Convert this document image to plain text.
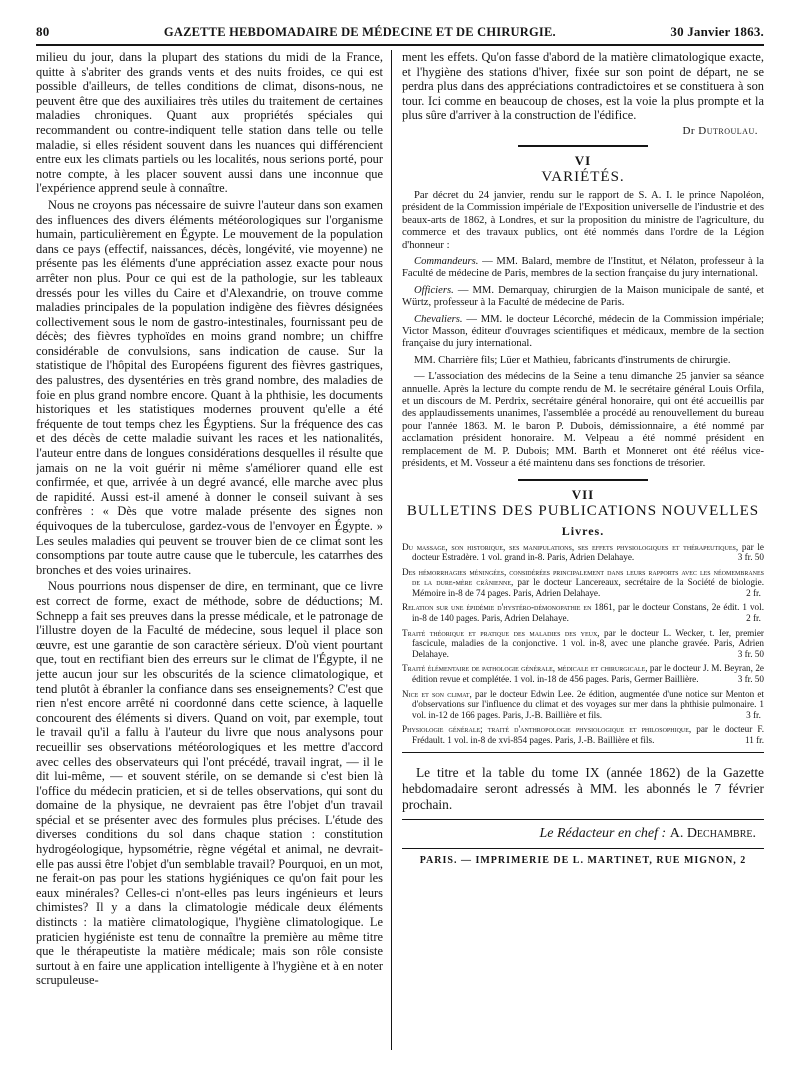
80	GAZETTE HEBDOMADAIRE DE MÉDECINE ET DE CHIRURGIE.	30 Janvier 1863.

milieu du jour, dans la plupart des stations du midi de la France, quitte à s'abriter des grands vents et des nuits froides, ce qui est possible d'ailleurs, de telles conditions de climat, disons-nous, ne peuvent être que des auxiliaires très utiles du traitement de certaines maladies chroniques. Quant aux propriétés spéciales qui recommandent ou contre-indiquent telle station dans telle ou telle maladie, si elles résident souvent dans les nuances qui différencient entre eux les climats partiels ou les localités, nous serions porté, pour notre compte, à les placer souvent aussi dans une inconnue que l'expérience apprend seule à connaître.

Nous ne croyons pas nécessaire de suivre l'auteur dans son examen des influences des divers éléments météorologiques sur l'organisme humain, particulièrement en Égypte. Le mouvement de la population dans ce pays (effectif, naissances, décès, longévité, vie moyenne) ne présente pas les éléments d'une appréciation assez exacte pour nous arrêter non plus. Pour ce qui est de la pathologie, sur les tableaux dressés pour les villes du Caire et d'Alexandrie, on trouve comme maladies principales de la population indigène des fièvres désignées collectivement sous le nom de gastro-intestinales, fournissant peu de décès; des fièvres typhoïdes en moins grand nombre; un chiffre considérable de convulsions, sans indication de cause. Sur la statistique de l'hôpital des Européens figurent des fièvres gastriques, des palustres, des dysentéries en très grand nombre, des maladies de foie en plus grand nombre encore. Quant à la phthisie, les documents historiques et les statistiques modernes prouvent qu'elle a été fréquente de tout temps chez les Égyptiens. Sur la fréquence des cas et des décès de cette maladie suivant les races et les nationalités, l'auteur entre dans de longues considérations desquelles il résulte que jamais on ne la voit guérir ni même s'améliorer quand elle est confirmée, et que, arrivée à un degré avancé, elle marche avec plus de rapidité. Aussi est-il amené à donner le conseil suivant à ses confrères : « Dès que votre malade présente des signes non équivoques de la tuberculose, gardez-vous de l'envoyer en Égypte. » Les seules maladies qui peuvent se trouver bien de ce climat sont les consomptions par toute autre cause que le tubercule, les catarrhes des bronches et des voies urinaires.

Nous pourrions nous dispenser de dire, en terminant, que ce livre est correct de forme, exact de méthode, sobre de déductions; M. Schnepp a fait ses preuves dans la presse médicale, et le patronage de l'illustre doyen de la Faculté de médecine, sous lequel il place son œuvre, est une garantie de son caractère sérieux. D'où vient pourtant que, tout en rectifiant bien des erreurs sur le climat de l'Égypte, il ne jette aucun jour sur les obscurités de la science climatologique, et tend plutôt à ébranler la confiance dans ses enseignements? C'est que rien n'est encore arrêté ni coordonné dans cette science, à laquelle concourent des éléments si divers. Quand on voit, par exemple, tout le travail qu'il a fallu à l'auteur du livre que nous analysons pour recueillir ses observations météorologiques et les mettre d'accord avec celles des observateurs qui l'ont précédé, travail ingrat, — il le dit lui-même, — et souvent stérile, on se demande si c'est bien là l'office du médecin praticien, et si de telles observations, qui sont du domaine de la physique, ne devraient pas être l'objet d'un travail spécial et se présenter avec des formules plus précises. L'étude des diverses conditions du sol dans chaque station : constitution hydrogéologique, hypsométrie, règne végétal et animal, ne devrait-elle pas aussi être l'objet d'un semblable travail? Pourquoi, en un mot, ne ferait-on pas pour les stations hygiéniques ce qu'on fait pour les eaux minérales? Celles-ci n'ont-elles pas leurs ingénieurs et leurs chimistes? Il y a dans la climatologie médicale deux éléments distincts : la matière climatologique, l'hygiène climatologique. Le praticien hygiéniste est tenu de connaître la première au même titre que le thérapeutiste la matière médicale; mais son rôle consiste surtout à en faire une application intelligente à l'hygiène et à en noter scrupuleuse-

ment les effets. Qu'on fasse d'abord de la matière climatologique exacte, et l'hygiène des stations d'hiver, fixée sur son point de départ, ne se perdra plus dans des appréciations contradictoires et se constituera à son tour. Ici comme en beaucoup de choses, est la voie la plus prompte et la plus sûre d'arriver à la construction de l'édifice.

Dr Dutroulau.
VI
VARIÉTÉS.

Par décret du 24 janvier, rendu sur le rapport de S. A. I. le prince Napoléon, président de la Commission impériale de l'Exposition universelle de l'industrie et des beaux-arts de 1862, à Londres, et sur la proposition du ministre de l'agriculture, du commerce et des travaux publics, ont été nommés dans l'ordre de la Légion d'honneur :

Commandeurs. — MM. Balard, membre de l'Institut, et Nélaton, professeur à la Faculté de médecine de Paris, membres de la section française du jury international.

Officiers. — MM. Demarquay, chirurgien de la Maison municipale de santé, et Würtz, professeur à la Faculté de médecine de Paris.

Chevaliers. — MM. le docteur Lécorché, médecin de la Commission impériale; Victor Masson, éditeur d'ouvrages scientifiques et médicaux, membre de la section française du jury international.

MM. Charrière fils; Lüer et Mathieu, fabricants d'instruments de chirurgie.

— L'association des médecins de la Seine a tenu dimanche 25 janvier sa séance annuelle. Après la lecture du compte rendu de M. le secrétaire général Louis Orfila, et un discours de M. Perdrix, secrétaire général honoraire, qui ont été accueillis par des applaudissements unanimes, l'assemblée a procédé au renouvellement du bureau pour l'année 1863. M. le baron P. Dubois, démissionnaire, a été nommé par acclamation président honoraire. M. Velpeau a été nommé président en remplacement de M. P. Dubois; MM. Barth et Monneret ont été réélus vice-présidents, et M. Vosseur a été maintenu dans ses fonctions de trésorier.

VII
BULLETINS DES PUBLICATIONS NOUVELLES
Livres.

Du massage, son historique, ses manipulations, ses effets physiologiques et thérapeutiques, par le docteur Estradère. 1 vol. grand in-8. Paris, Adrien Delahaye.	3 fr. 50

Des hémorrhagies méningées, considérées principalement dans leurs rapports avec les néomembranes de la dure-mère crânienne, par le docteur Lancereaux, secrétaire de la Société de biologie. Mémoire in-8 de 74 pages. Paris, Adrien Delahaye.	2 fr.

Relation sur une épidémie d'hystéro-démonopathie en 1861, par le docteur Constans, 2e édit. 1 vol. in-8 de 140 pages. Paris, Adrien Delahaye.	2 fr.

Traité théorique et pratique des maladies des yeux, par le docteur L. Wecker, t. Ier, premier fascicule, maladies de la conjonctive. 1 vol. in-8, avec une planche gravée. Paris, Adrien Delahaye.	3 fr. 50

Traité élémentaire de pathologie générale, médicale et chirurgicale, par le docteur J. M. Beyran, 2e édition revue et complétée. 1 vol. in-18 de 456 pages. Paris, Germer Baillière.	3 fr. 50

Nice et son climat, par le docteur Edwin Lee. 2e édition, augmentée d'une notice sur Menton et d'observations sur l'influence du climat et des voyages sur mer dans la phthisie pulmonaire. 1 vol. in-12 de 166 pages. Paris, J.-B. Baillière et fils.	3 fr.

Physiologie générale; traité d'anthropologie physiologique et philosophique, par le docteur F. Frédault. 1 vol. in-8 de xvi-854 pages. Paris, J.-B. Baillière et fils.	11 fr.

Le titre et la table du tome IX (année 1862) de la Gazette hebdomadaire seront adressés à MM. les abonnés le 7 février prochain.

Le Rédacteur en chef : A. Dechambre.
PARIS. — IMPRIMERIE DE L. MARTINET, RUE MIGNON, 2
